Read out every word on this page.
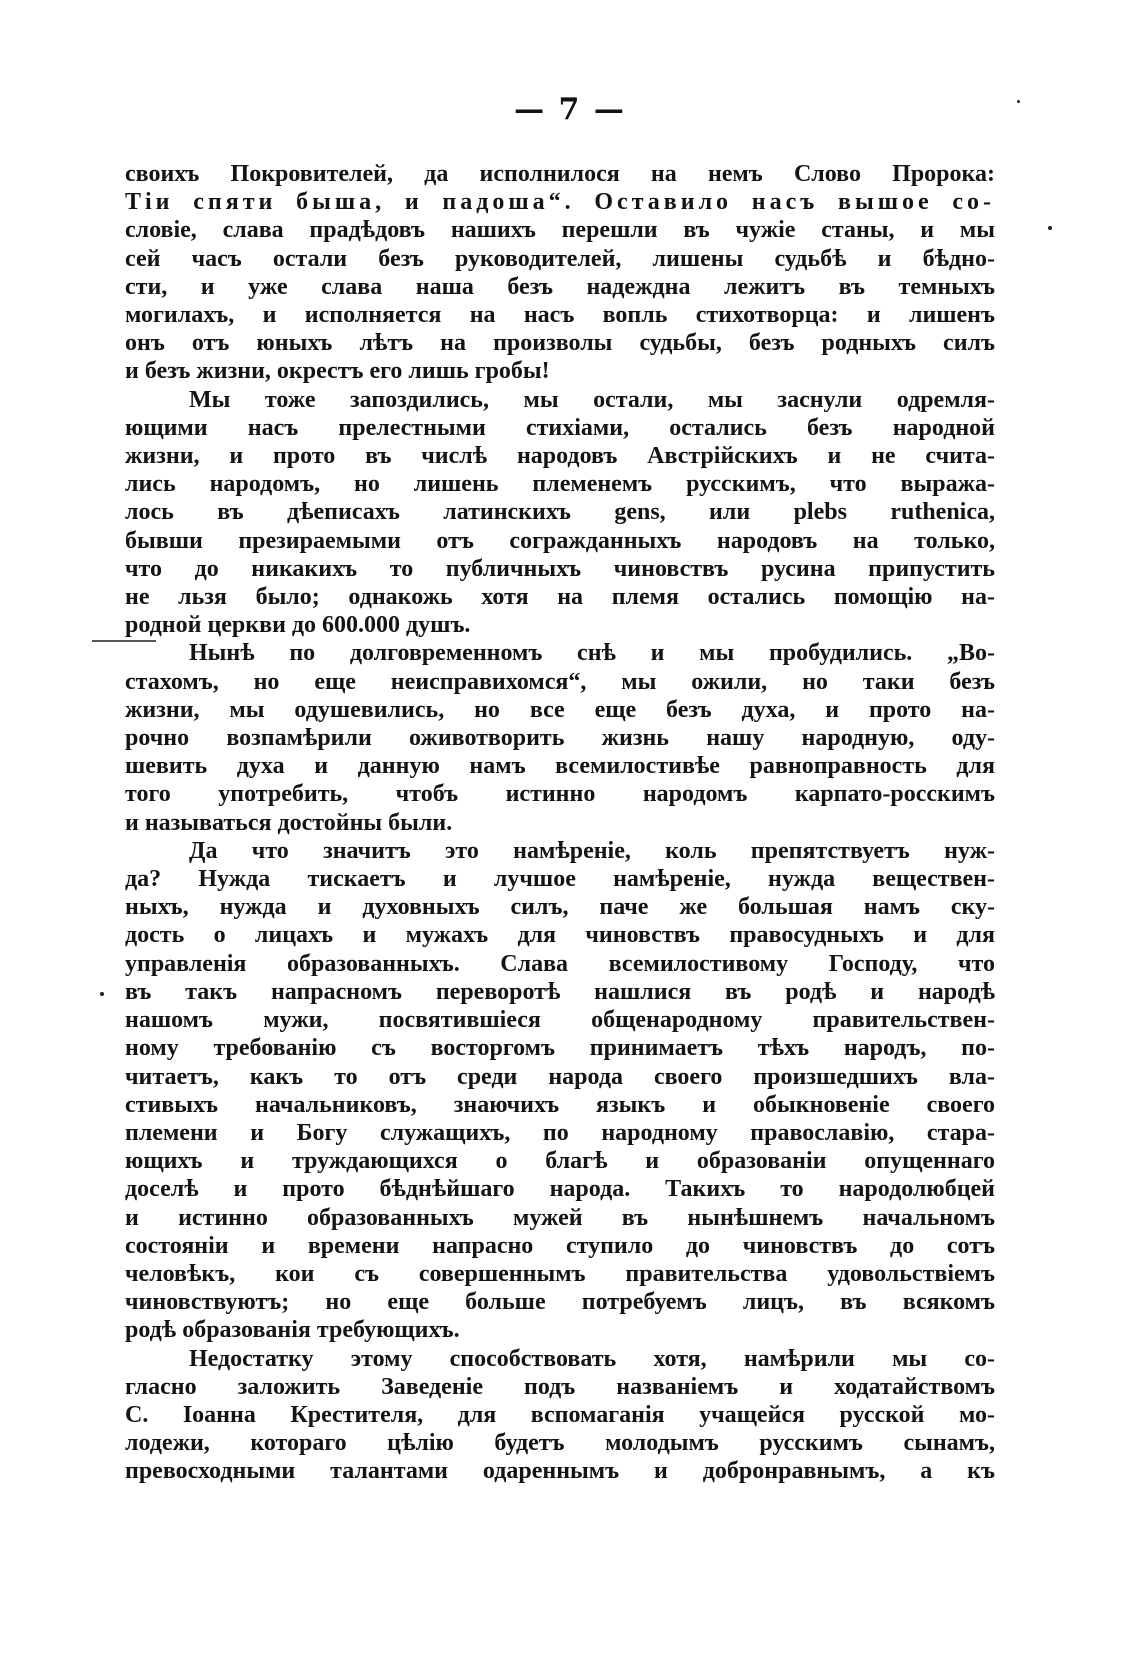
— 7 —
своихъ Покровителей, да исполнилося на немъ Слово Пророка:
Тіи спяти быша, и падоша“. Оставило насъ вышое со-
словіе, слава прадѣдовъ нашихъ перешли въ чужіе станы, и мы
сей часъ остали безъ руководителей, лишены судьбѣ и бѣдно-
сти, и уже слава наша безъ надеждна лежитъ въ темныхъ
могилахъ, и исполняется на насъ вопль стихотворца: и лишенъ
онъ отъ юныхъ лѣтъ на произволы судьбы, безъ родныхъ силъ
и безъ жизни, окрестъ его лишь гробы!
Мы тоже запоздились, мы остали, мы заснули одремля-
ющими насъ прелестными стихіами, остались безъ народной
жизни, и прото въ числѣ народовъ Австрійскихъ и не счита-
лись народомъ, но лишень племенемъ русскимъ, что выража-
лось въ дѣеписахъ латинскихъ gens, или plebs ruthenica,
бывши презираемыми отъ согражданныхъ народовъ на только,
что до никакихъ то публичныхъ чиновствъ русина припустить
не льзя было; однакожь хотя на племя остались помощію на-
родной церкви до 600.000 душъ.
Нынѣ по долговременномъ снѣ и мы пробудились. „Во-
стахомъ, но еще неисправихомся“, мы ожили, но таки безъ
жизни, мы одушевились, но все еще безъ духа, и прото на-
рочно возпамѣрили оживотворить жизнь нашу народную, оду-
шевить духа и данную намъ всемилостивѣе равноправность для
того употребить, чтобъ истинно народомъ карпато-росскимъ
и называться достойны были.
Да что значитъ это намѣреніе, коль препятствуетъ нуж-
да? Нужда тискаетъ и лучшое намѣреніе, нужда веществен-
ныхъ, нужда и духовныхъ силъ, паче же большая намъ ску-
дость о лицахъ и мужахъ для чиновствъ правосудныхъ и для
управленія образованныхъ. Слава всемилостивому Господу, что
въ такъ напрасномъ переворотѣ нашлися въ родѣ и народѣ
нашомъ мужи, посвятившіеся общенародному правительствен-
ному требованію съ восторгомъ принимаетъ тѣхъ народъ, по-
читаетъ, какъ то отъ среди народа своего произшедшихъ вла-
стивыхъ начальниковъ, знаючихъ языкъ и обыкновеніе своего
племени и Богу служащихъ, по народному православію, стара-
ющихъ и труждающихся о благѣ и образованіи опущеннаго
доселѣ и прото бѣднѣйшаго народа. Такихъ то народолюбцей
и истинно образованныхъ мужей въ нынѣшнемъ начальномъ
состояніи и времени напрасно ступило до чиновствъ до сотъ
человѣкъ, кои съ совершеннымъ правительства удовольствіемъ
чиновствуютъ; но еще больше потребуемъ лицъ, въ всякомъ
родѣ образованія требующихъ.
Недостатку этому способствовать хотя, намѣрили мы со-
гласно заложить Заведеніе подъ названіемъ и ходатайствомъ
С. Іоанна Крестителя, для вспомаганія учащейся русской мо-
лодежи, котораго цѣлію будетъ молодымъ русскимъ сынамъ,
превосходными талантами одареннымъ и добронравнымъ, а къ
